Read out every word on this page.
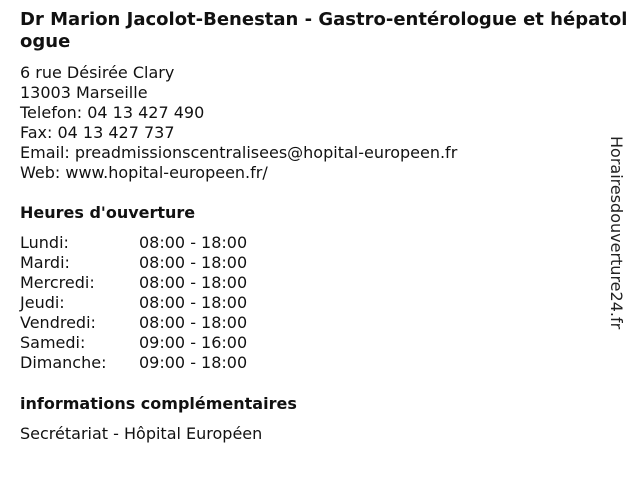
Dr Marion Jacolot-Benestan - Gastro-entérologue et hépatologue
6 rue Désirée Clary
13003 Marseille
Telefon: 04 13 427 490
Fax: 04 13 427 737
Email: preadmissionscentralisees@hopital-europeen.fr
Web: www.hopital-europeen.fr/
Heures d'ouverture
Lundi:	08:00 - 18:00
Mardi:	08:00 - 18:00
Mercredi:	08:00 - 18:00
Jeudi:	08:00 - 18:00
Vendredi:	08:00 - 18:00
Samedi:	09:00 - 16:00
Dimanche:	09:00 - 18:00
informations complémentaires
Secrétariat - Hôpital Européen
Horairesdouverture24.fr
